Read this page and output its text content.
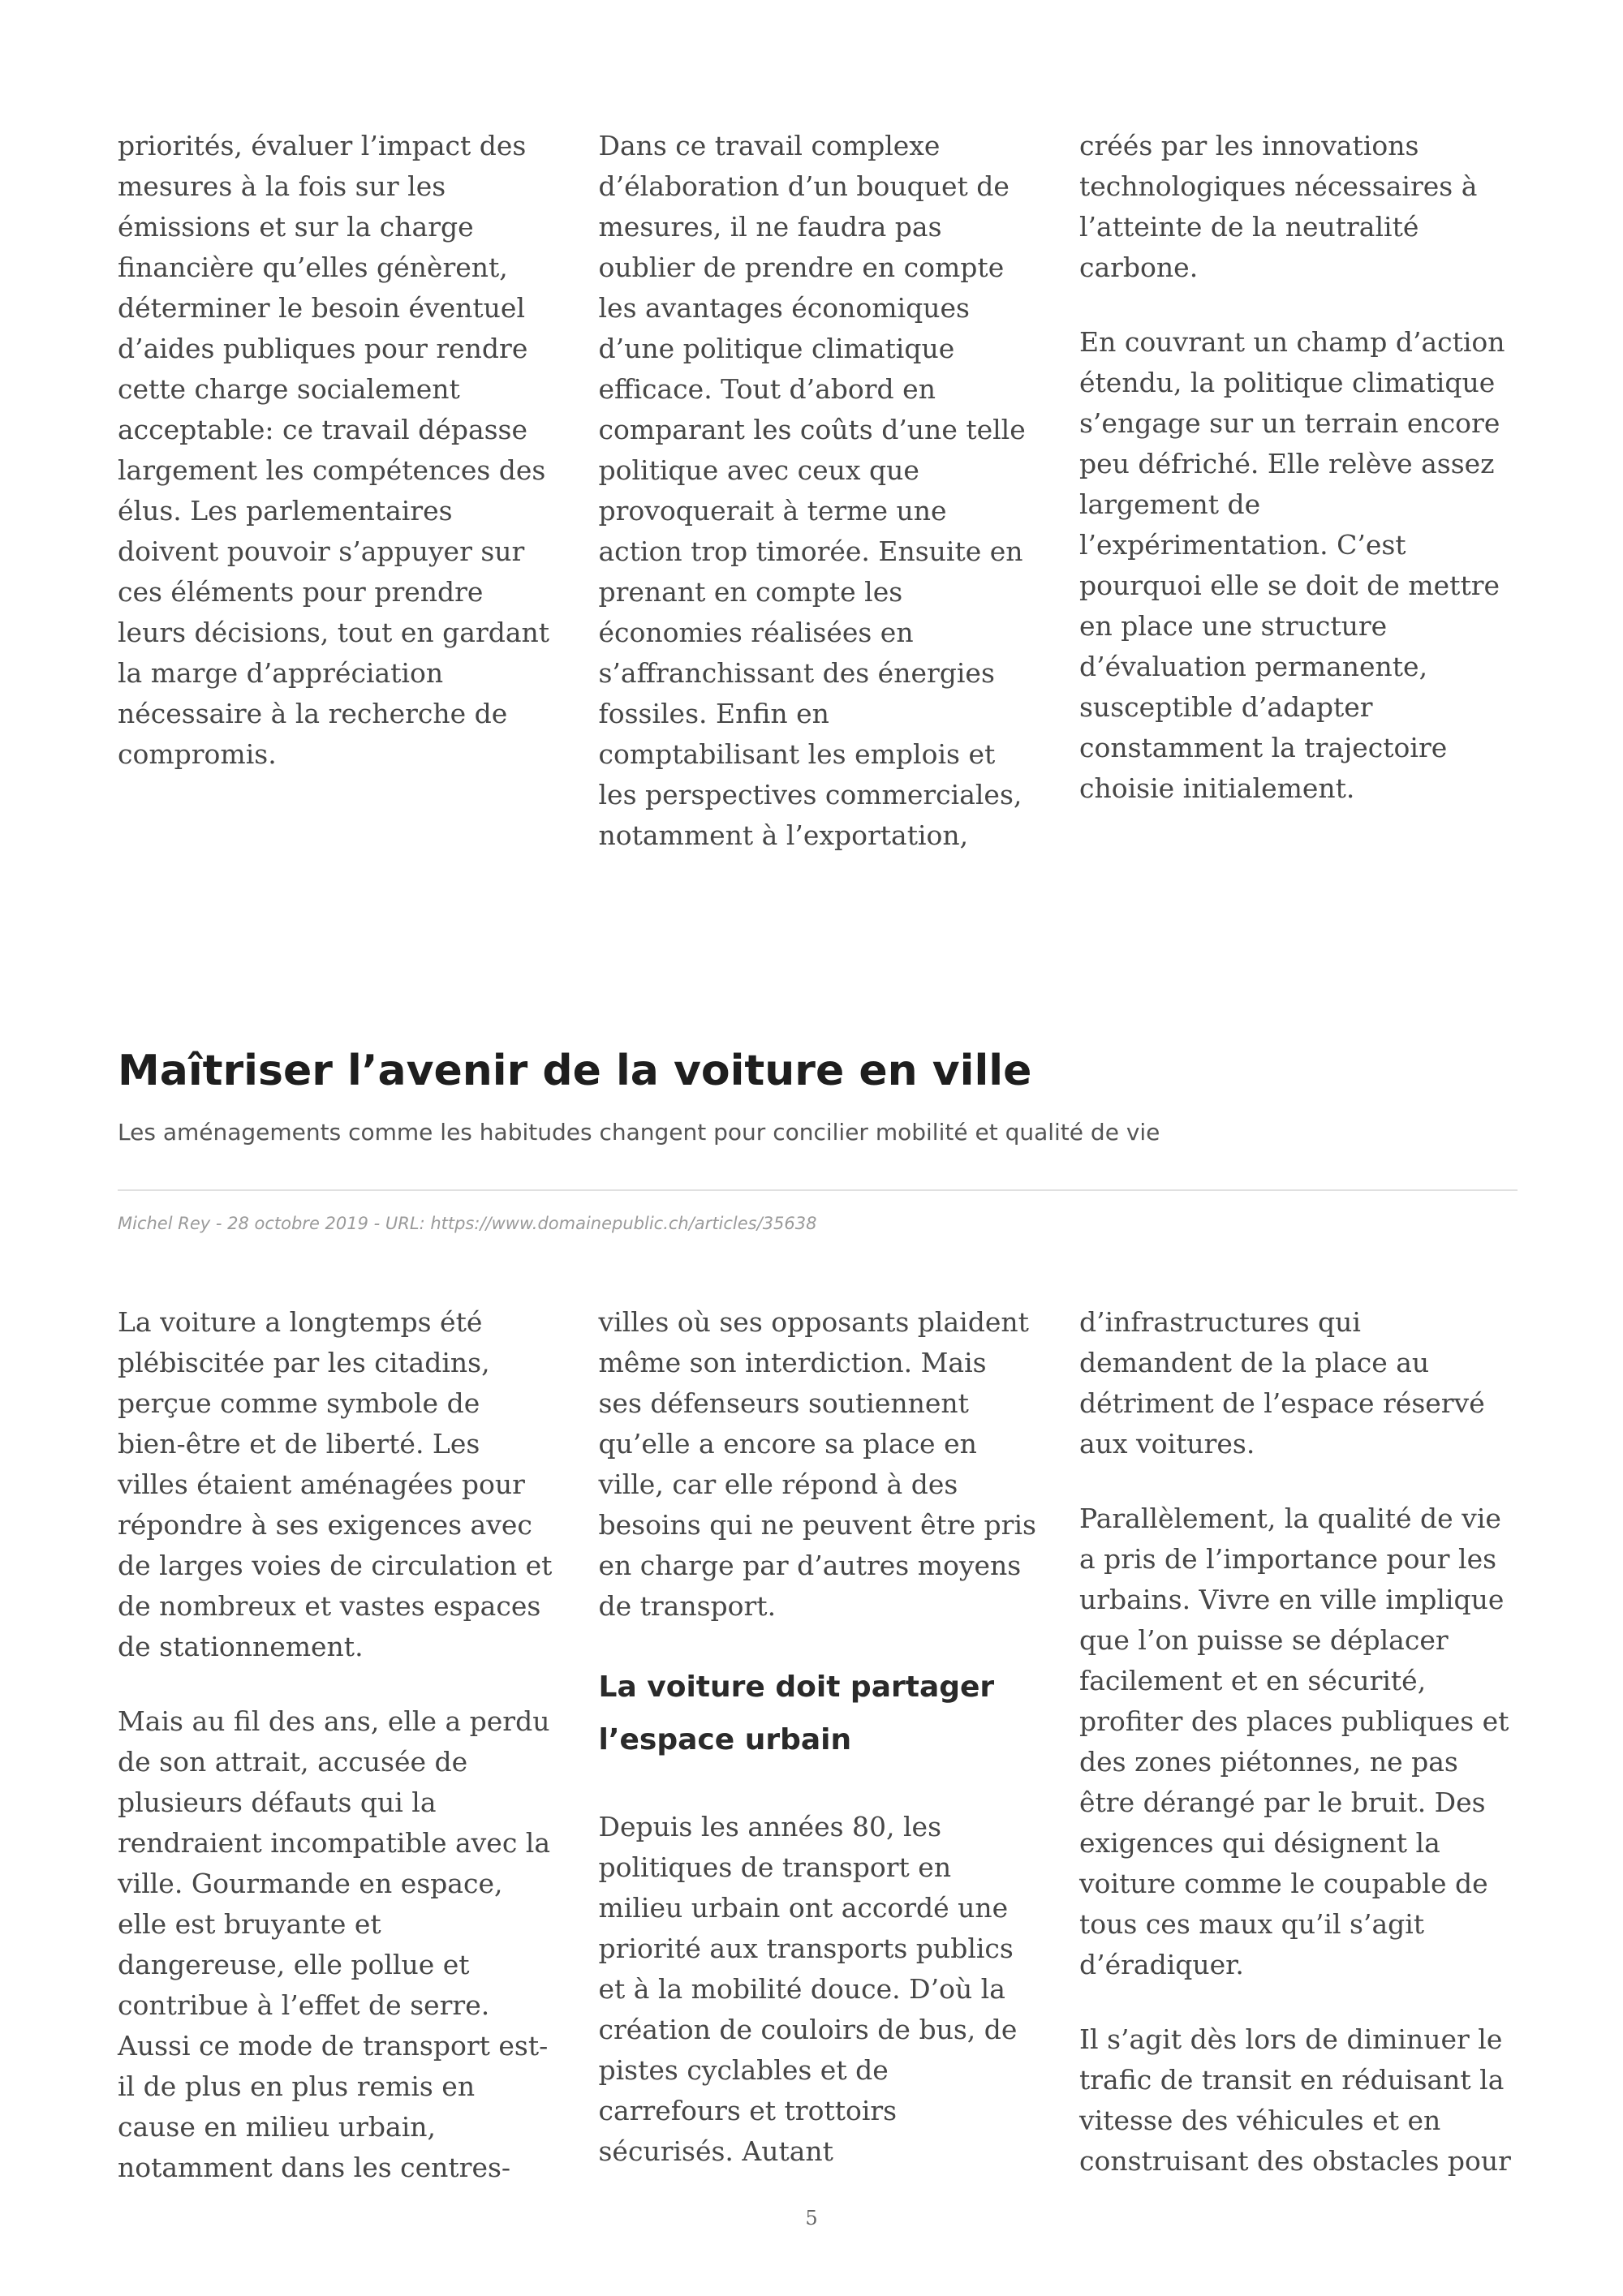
priorités, évaluer l’impact des mesures à la fois sur les émissions et sur la charge financière qu’elles génèrent, déterminer le besoin éventuel d’aides publiques pour rendre cette charge socialement acceptable: ce travail dépasse largement les compétences des élus. Les parlementaires doivent pouvoir s’appuyer sur ces éléments pour prendre leurs décisions, tout en gardant la marge d’appréciation nécessaire à la recherche de compromis.

Dans ce travail complexe d’élaboration d’un bouquet de mesures, il ne faudra pas oublier de prendre en compte les avantages économiques d’une politique climatique efficace. Tout d’abord en comparant les coûts d’une telle politique avec ceux que provoquerait à terme une action trop timorée. Ensuite en prenant en compte les économies réalisées en s’affranchissant des énergies fossiles. Enfin en comptabilisant les emplois et les perspectives commerciales, notamment à l’exportation,

créés par les innovations technologiques nécessaires à l’atteinte de la neutralité carbone.

En couvrant un champ d’action étendu, la politique climatique s’engage sur un terrain encore peu défriché. Elle relève assez largement de l’expérimentation. C’est pourquoi elle se doit de mettre en place une structure d’évaluation permanente, susceptible d’adapter constamment la trajectoire choisie initialement.

Maîtriser l’avenir de la voiture en ville

Les aménagements comme les habitudes changent pour concilier mobilité et qualité de vie

Michel Rey - 28 octobre 2019 - URL: https://www.domainepublic.ch/articles/35638

La voiture a longtemps été plébiscitée par les citadins, perçue comme symbole de bien-être et de liberté. Les villes étaient aménagées pour répondre à ses exigences avec de larges voies de circulation et de nombreux et vastes espaces de stationnement.

Mais au fil des ans, elle a perdu de son attrait, accusée de plusieurs défauts qui la rendraient incompatible avec la ville. Gourmande en espace, elle est bruyante et dangereuse, elle pollue et contribue à l’effet de serre. Aussi ce mode de transport est-il de plus en plus remis en cause en milieu urbain, notamment dans les centres-

villes où ses opposants plaident même son interdiction. Mais ses défenseurs soutiennent qu’elle a encore sa place en ville, car elle répond à des besoins qui ne peuvent être pris en charge par d’autres moyens de transport.

La voiture doit partager l’espace urbain

Depuis les années 80, les politiques de transport en milieu urbain ont accordé une priorité aux transports publics et à la mobilité douce. D’où la création de couloirs de bus, de pistes cyclables et de carrefours et trottoirs sécurisés. Autant

d’infrastructures qui demandent de la place au détriment de l’espace réservé aux voitures.

Parallèlement, la qualité de vie a pris de l’importance pour les urbains. Vivre en ville implique que l’on puisse se déplacer facilement et en sécurité, profiter des places publiques et des zones piétonnes, ne pas être dérangé par le bruit. Des exigences qui désignent la voiture comme le coupable de tous ces maux qu’il s’agit d’éradiquer.

Il s’agit dès lors de diminuer le trafic de transit en réduisant la vitesse des véhicules et en construisant des obstacles pour

5
